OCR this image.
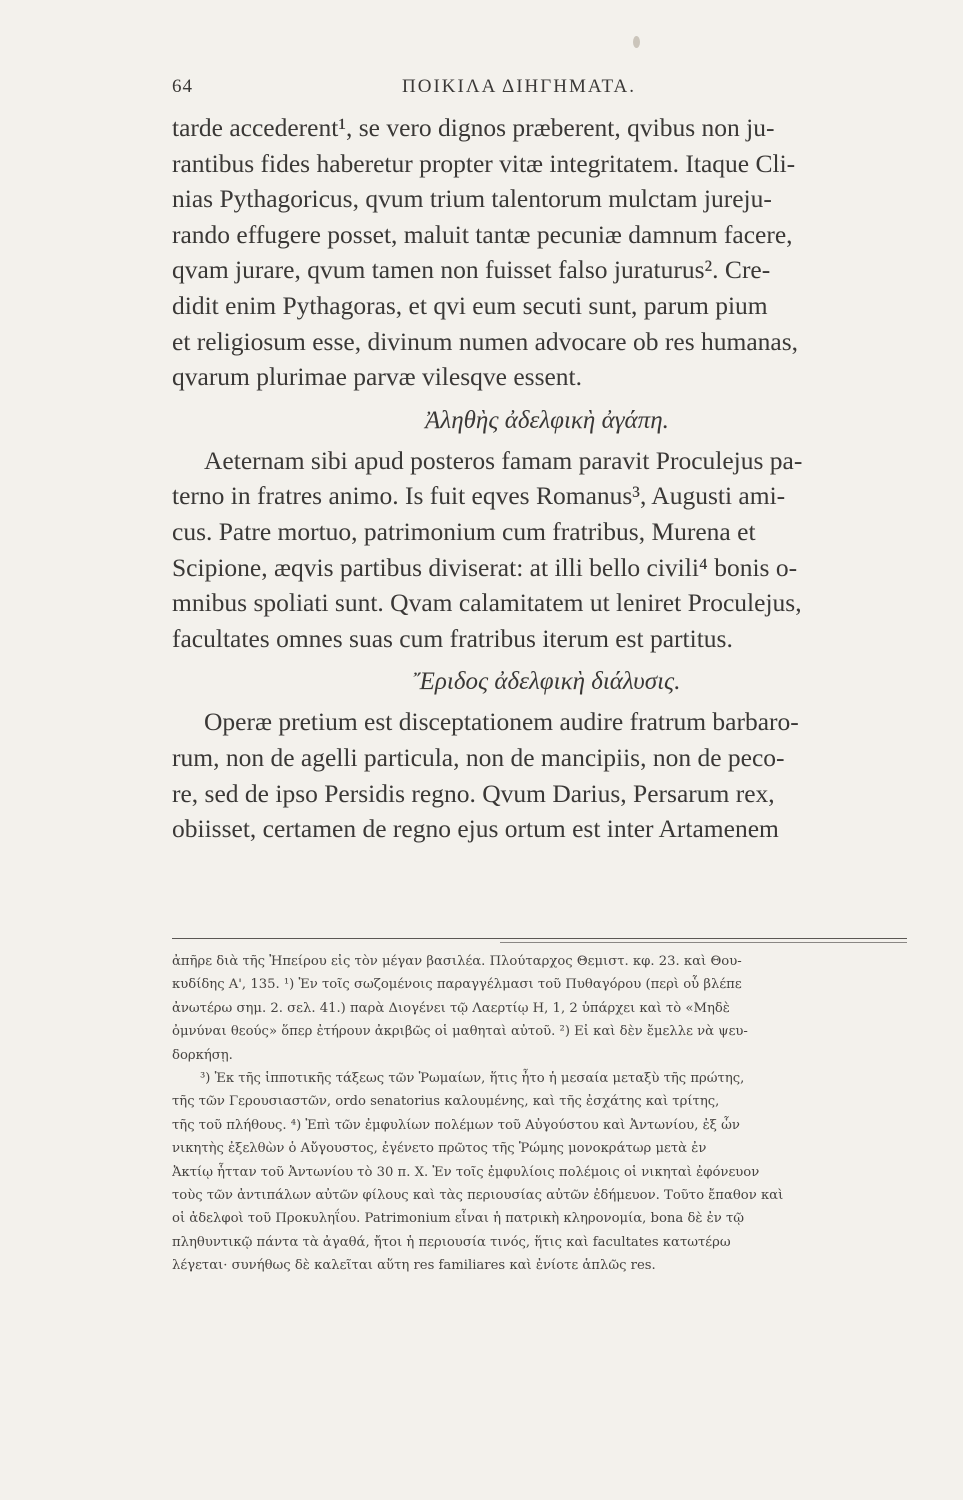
64	ΠΟΙΚΙΛΑ ΔΙΗΓΗΜΑΤΑ.
tarde accederent¹, se vero dignos præberent, qvibus non ju-
rantibus fides haberetur propter vitæ integritatem. Itaque Cli-
nias Pythagoricus, qvum trium talentorum mulctam jureju-
rando effugere posset, maluit tantæ pecuniæ damnum facere,
qvam jurare, qvum tamen non fuisset falso juraturus². Cre-
didit enim Pythagoras, et qvi eum secuti sunt, parum pium
et religiosum esse, divinum numen advocare ob res humanas,
qvarum plurimae parvæ vilesqve essent.
Ἀληθὴς ἀδελφικὴ ἀγάπη.
Aeternam sibi apud posteros famam paravit Proculejus pa-
terno in fratres animo. Is fuit eqves Romanus³, Augusti ami-
cus. Patre mortuo, patrimonium cum fratribus, Murena et
Scipione, æqvis partibus diviserat: at illi bello civili⁴ bonis o-
mnibus spoliati sunt. Qvam calamitatem ut leniret Proculejus,
facultates omnes suas cum fratribus iterum est partitus.
Ἔριδος ἀδελφικὴ διάλυσις.
Operæ pretium est disceptationem audire fratrum barbaro-
rum, non de agelli particula, non de mancipiis, non de peco-
re, sed de ipso Persidis regno. Qvum Darius, Persarum rex,
obiisset, certamen de regno ejus ortum est inter Artamenem
ἀπῆρε διὰ τῆς Ἠπείρου εἰς τὸν μέγαν βασιλέα. Πλούταρχος Θεμιστ. κφ. 23. καὶ Θου-
κυδίδης Α', 135. ¹) Ἐν τοῖς σωζομένοις παραγγέλμασι τοῦ Πυθαγόρου (περὶ οὗ βλέπε
ἀνωτέρω σημ. 2. σελ. 41.) παρὰ Διογένει τῷ Λαερτίῳ Η, 1, 2 ὑπάρχει καὶ τὸ «Μηδὲ
ὀμνύναι θεούς» ὅπερ ἐτήρουν ἀκριβῶς οἱ μαθηταὶ αὐτοῦ. ²) Εἰ καὶ δὲν ἔμελλε νὰ ψευ-
δορκήσῃ.
³) Ἐκ τῆς ἱππoτικῆς τάξεως τῶν Ῥωμαίων, ἥτις ἦτο ἡ μεσαία μεταξὺ τῆς πρώτης,
τῆς τῶν Γερουσιαστῶν, ordo senatorius καλουμένης, καὶ τῆς ἐσχάτης καὶ τρίτης,
τῆς τοῦ πλήθους. ⁴) Ἐπὶ τῶν ἐμφυλίων πολέμων τοῦ Αὐγούστου καὶ Ἀντωνίου, ἐξ ὧν
νικητὴς ἐξελθὼν ὁ Αὔγουστος, ἐγένετο πρῶτος τῆς Ῥώμης μονοκράτωρ μετὰ ἐν
Ἀκτίῳ ἧτταν τοῦ Ἀντωνίου τὸ 30 π. Χ. Ἐν τοῖς ἐμφυλίοις πολέμοις οἱ νικηταὶ ἐφόνευον
τοὺς τῶν ἀντιπάλων αὐτῶν φίλους καὶ τὰς περιουσίας αὐτῶν ἐδήμευον. Τοῦτο ἔπαθον καὶ
οἱ ἀδελφοὶ τοῦ Προκυληΐου. Patrimonium εἶναι ἡ πατρικὴ κληρονομία, bona δὲ ἐν τῷ
πληθυντικῷ πάντα τὰ ἀγαθά, ἤτοι ἡ περιουσία τινός, ἥτις καὶ facultates κατωτέρω
λέγεται· συνήθως δὲ καλεῖται αὕτη res familiares καὶ ἐνίοτε ἁπλῶς res.
